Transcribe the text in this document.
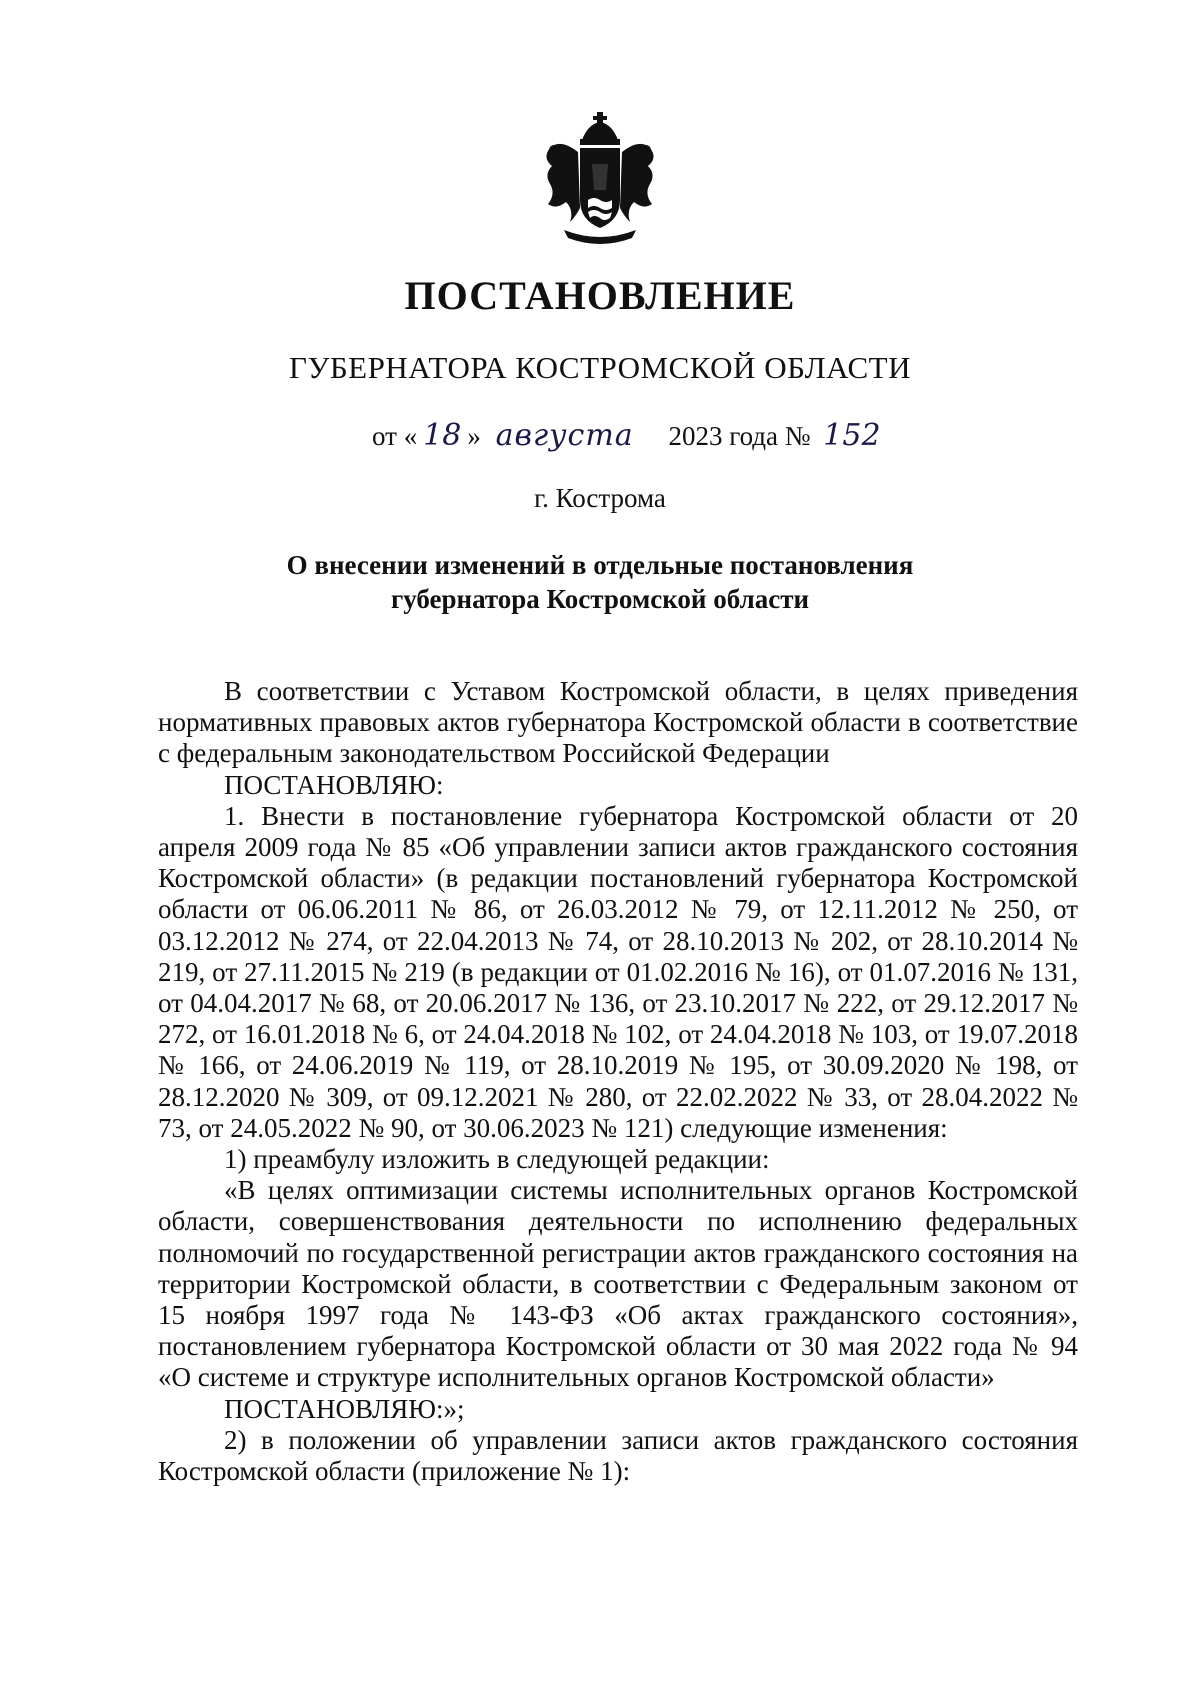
ПОСТАНОВЛЕНИЕ
ГУБЕРНАТОРА КОСТРОМСКОЙ ОБЛАСТИ
от « 18 » августа 2023 года № 152
г. Кострома
О внесении изменений в отдельные постановления
губернатора Костромской области

В соответствии с Уставом Костромской области, в целях приведения нормативных правовых актов губернатора Костромской области в соответствие с федеральным законодательством Российской Федерации

ПОСТАНОВЛЯЮ:

1. Внести в постановление губернатора Костромской области от 20 апреля 2009 года № 85 «Об управлении записи актов гражданского состояния Костромской области» (в редакции постановлений губернатора Костромской области от 06.06.2011 № 86, от 26.03.2012 № 79, от 12.11.2012 № 250, от 03.12.2012 № 274, от 22.04.2013 № 74, от 28.10.2013 № 202, от 28.10.2014 № 219, от 27.11.2015 № 219 (в редакции от 01.02.2016 № 16), от 01.07.2016 № 131, от 04.04.2017 № 68, от 20.06.2017 № 136, от 23.10.2017 № 222, от 29.12.2017 № 272, от 16.01.2018 № 6, от 24.04.2018 № 102, от 24.04.2018 № 103, от 19.07.2018 № 166, от 24.06.2019 № 119, от 28.10.2019 № 195, от 30.09.2020 № 198, от 28.12.2020 № 309, от 09.12.2021 № 280, от 22.02.2022 № 33, от 28.04.2022 № 73, от 24.05.2022 № 90, от 30.06.2023 № 121) следующие изменения:

1) преамбулу изложить в следующей редакции:

«В целях оптимизации системы исполнительных органов Костромской области, совершенствования деятельности по исполнению федеральных полномочий по государственной регистрации актов гражданского состояния на территории Костромской области, в соответствии с Федеральным законом от 15 ноября 1997 года № 143-ФЗ «Об актах гражданского состояния», постановлением губернатора Костромской области от 30 мая 2022 года № 94 «О системе и структуре исполнительных органов Костромской области»

ПОСТАНОВЛЯЮ:»;

2) в положении об управлении записи актов гражданского состояния Костромской области (приложение № 1):
